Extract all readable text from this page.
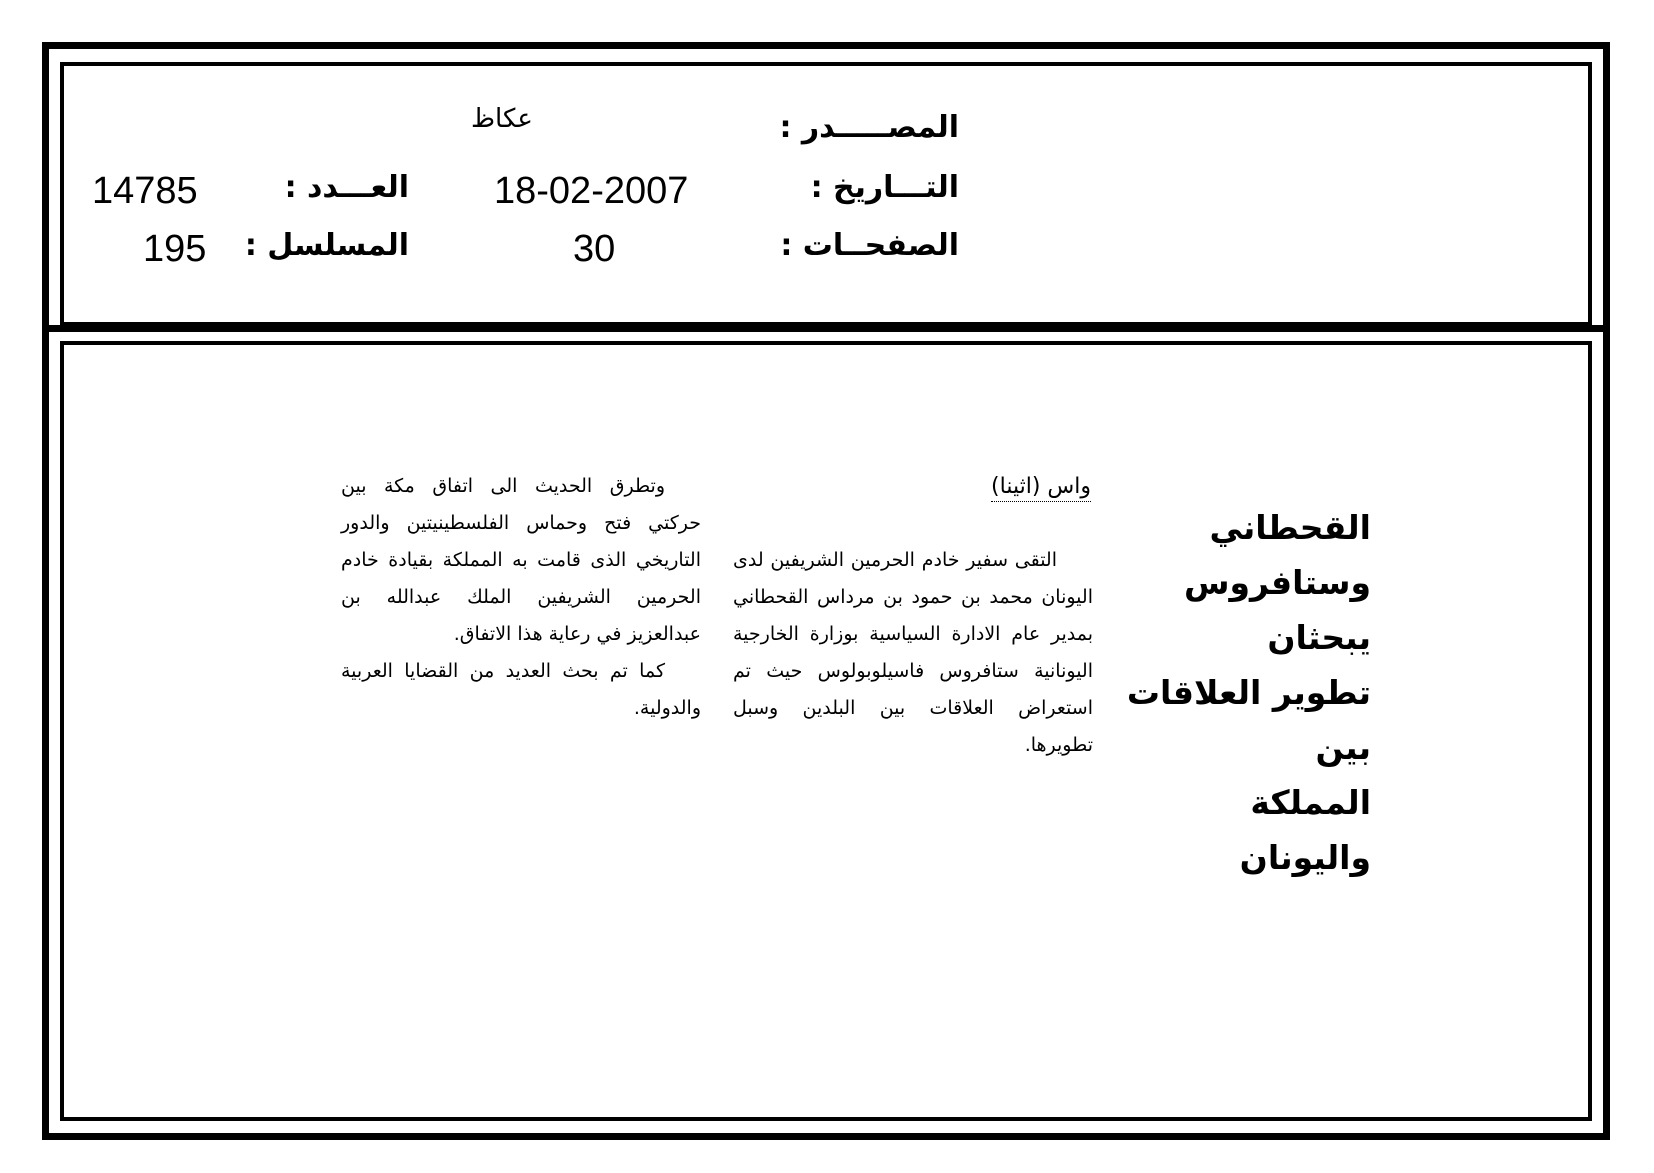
المصـــــدر :
عكاظ
التـــاريخ :
18-02-2007
الصفحــات :
30
العـــدد :
14785
المسلسل :
195
القحطاني
وستافروس يبحثان
تطوير العلاقات بين
المملكة واليونان
واس (اثينا)

التقى سفير خادم الحرمين الشريفين لدى اليونان محمد بن حمود بن مرداس القحطاني بمدير عام الادارة السياسية بوزارة الخارجية اليونانية ستافروس فاسيلوبولوس حيث تم استعراض العلاقات بين البلدين وسبل تطويرها.

وتطرق الحديث الى اتفاق مكة بين حركتي فتح وحماس الفلسطينيتين والدور التاريخي الذى قامت به المملكة بقيادة خادم الحرمين الشريفين الملك عبدالله بن عبدالعزيز في رعاية هذا الاتفاق.

كما تم بحث العديد من القضايا العربية والدولية.
